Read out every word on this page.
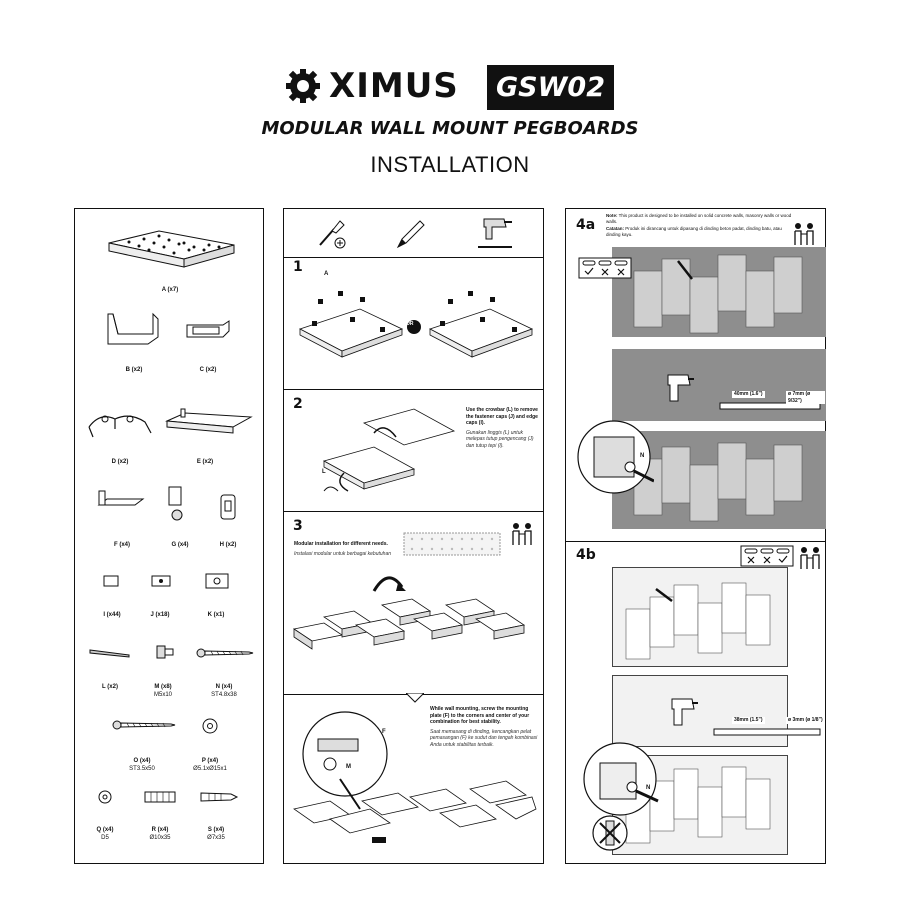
XIMUS	GSW02
MODULAR WALL MOUNT PEGBOARDS
INSTALLATION
A (x7)
B (x2)	C (x2)
D (x2)	E (x2)
F (x4)	G (x4)	H (x2)
I (x44)	J (x18)	K (x1)
L (x2)	M (x8)
M5x10
N (x4)
ST4.8x38
O (x4)
ST3.5x50
P (x4)
Ø5.1xØ15x1
Q (x4)
D5
R (x4)
Ø10x35
S (x4)
Ø7x35
1
OR
A
2
L
Use the crowbar (L) to remove the fastener caps (J) and edge caps (I).
Gunakan linggis (L) untuk melepas tutup pengencang (J) dan tutup tepi (I).
3
Modular installation for different needs.
Instalasi modular untuk berbagai kebutuhan
While wall mounting, screw the mounting plate (F) to the corners and center of your combination for best stability.
Saat memasang di dinding, kencangkan pelat pemasangan (F) ke sudut dan tengah kombinasi Anda untuk stabilitas terbaik.
F
M
4a
Note: This product is designed to be installed on solid concrete walls, masonry walls or wood walls.
Catatan: Produk ini dirancang untuk dipasang di dinding beton padat, dinding batu, atau dinding kayu.
40mm (1.6")	ø 7mm (ø 9/32")
N
4b
38mm (1.5")	ø 3mm (ø 1/8")
N
